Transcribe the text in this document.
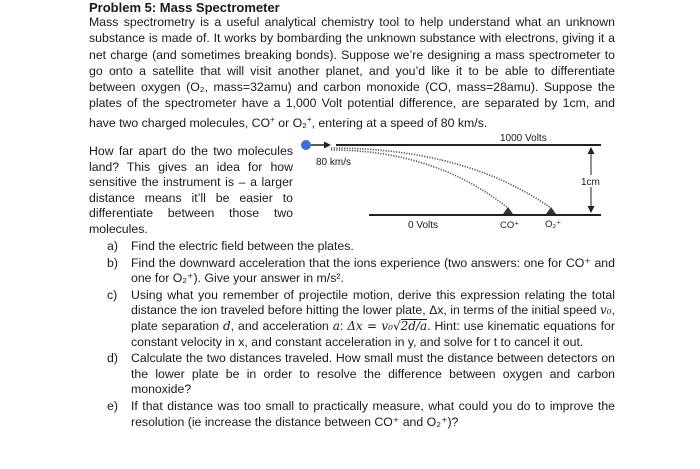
Problem 5: Mass Spectrometer
Mass spectrometry is a useful analytical chemistry tool to help understand what an unknown substance is made of. It works by bombarding the unknown substance with electrons, giving it a net charge (and sometimes breaking bonds). Suppose we’re designing a mass spectrometer to go onto a satellite that will visit another planet, and you’d like it to be able to differentiate between oxygen (O₂, mass=32amu) and carbon monoxide (CO, mass=28amu). Suppose the plates of the spectrometer have a 1,000 Volt potential difference, are separated by 1cm, and have two charged molecules, CO+ or O₂+, entering at a speed of 80 km/s.
How far apart do the two molecules land? This gives an idea for how sensitive the instrument is – a larger distance means it’ll be easier to differentiate between those two molecules.
1000 Volts
0 Volts
80 km/s
CO⁺	O₂⁺
1cm
a)	Find the electric field between the plates.
b)	Find the downward acceleration that the ions experience (two answers: one for CO⁺ and one for O₂⁺). Give your answer in m/s².
c)	Using what you remember of projectile motion, derive this expression relating the total distance the ion traveled before hitting the lower plate, Δx, in terms of the initial speed v₀, plate separation d, and acceleration a: Δx = v₀√2d/a. Hint: use kinematic equations for constant velocity in x, and constant acceleration in y, and solve for t to cancel it out.
d)	Calculate the two distances traveled. How small must the distance between detectors on the lower plate be in order to resolve the difference between oxygen and carbon monoxide?
e)	If that distance was too small to practically measure, what could you do to improve the resolution (ie increase the distance between CO⁺ and O₂⁺)?
